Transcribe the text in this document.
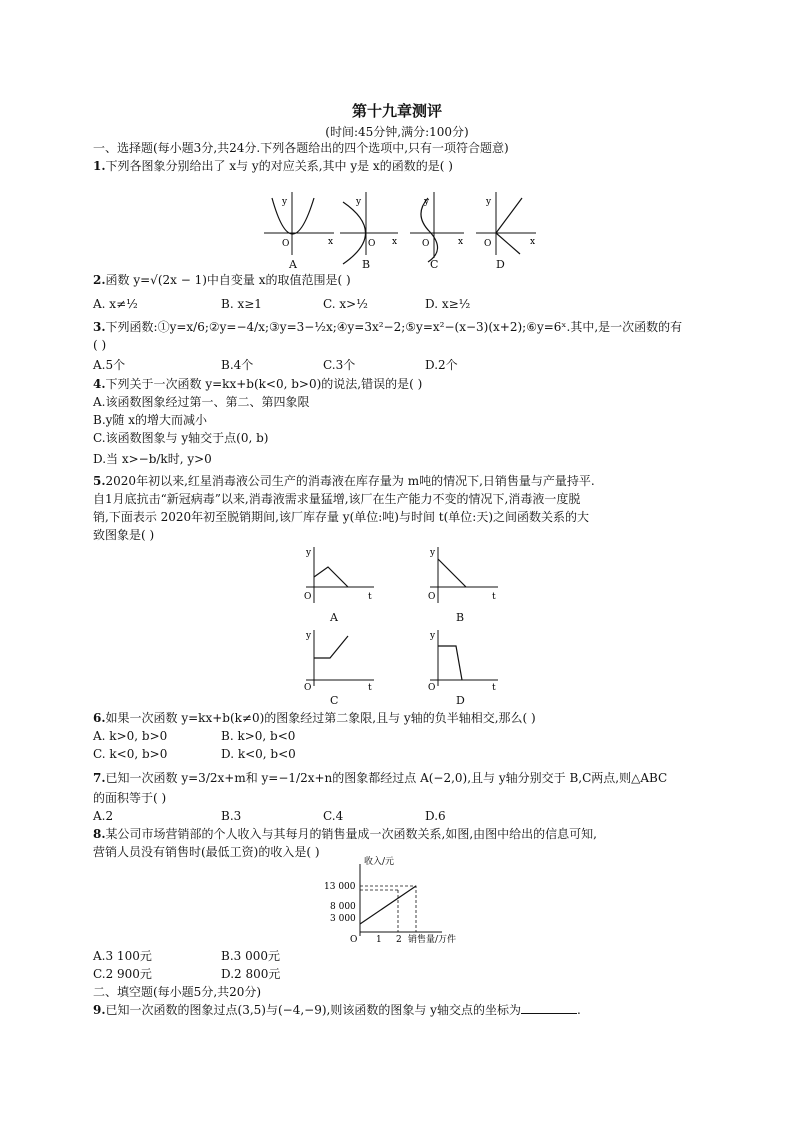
第十九章测评
(时间:45分钟,满分:100分)
一、选择题(每小题3分,共24分.下列各题给出的四个选项中,只有一项符合题意)
1.下列各图象分别给出了 x与 y的对应关系,其中 y是 x的函数的是( )
y
O	x
y
O x
y
O	x
y
O	x
A	B	C	D
2.函数 y=√(2x − 1)中自变量 x的取值范围是( )
A. x≠½	B. x≥1	C. x>½	D. x≥½
3.下列函数:①y=x/6;②y=−4/x;③y=3−½x;④y=3x²−2;⑤y=x²−(x−3)(x+2);⑥y=6ˣ.其中,是一次函数的有
( )
A.5个	B.4个	C.3个	D.2个
4.下列关于一次函数 y=kx+b(k<0, b>0)的说法,错误的是( )
A.该函数图象经过第一、第二、第四象限
B.y随 x的增大而减小
C.该函数图象与 y轴交于点(0, b)
D.当 x>−b/k时, y>0
5.2020年初以来,红星消毒液公司生产的消毒液在库存量为 m吨的情况下,日销售量与产量持平.
自1月底抗击“新冠病毒”以来,消毒液需求量猛增,该厂在生产能力不变的情况下,消毒液一度脱
销,下面表示 2020年初至脱销期间,该厂库存量 y(单位:吨)与时间 t(单位:天)之间函数关系的大
致图象是( )
y
O	t
y
O	t
A	B
y
O	t
y
O	t
C	D
6.如果一次函数 y=kx+b(k≠0)的图象经过第二象限,且与 y轴的负半轴相交,那么( )
A. k>0, b>0	B. k>0, b<0
C. k<0, b>0	D. k<0, b<0
7.已知一次函数 y=3/2x+m和 y=−1/2x+n的图象都经过点 A(−2,0),且与 y轴分别交于 B,C两点,则△ABC
的面积等于( )
A.2	B.3	C.4	D.6
8.某公司市场营销部的个人收入与其每月的销售量成一次函数关系,如图,由图中给出的信息可知,
营销人员没有销售时(最低工资)的收入是( )
13 000
8 000
3 000
O 1 2
收入/元
销售量/万件
A.3 100元	B.3 000元
C.2 900元	D.2 800元
二、填空题(每小题5分,共20分)
9.已知一次函数的图象过点(3,5)与(−4,−9),则该函数的图象与 y轴交点的坐标为	.
